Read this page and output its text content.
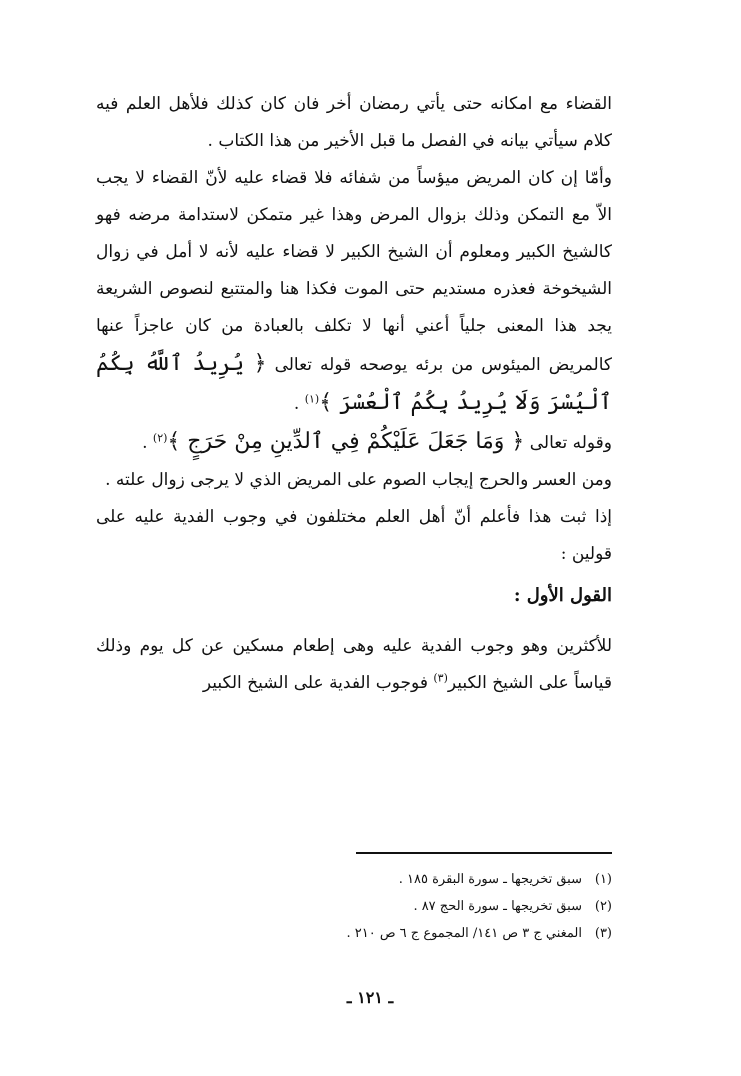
القضاء مع امكانه حتى يأتي رمضان أخر فان كان كذلك فلأهل العلم فيه كلام سيأتي بيانه في الفصل ما قبل الأخير من هذا الكتاب .

وأمّا إن كان المريض ميؤساً من شفائه فلا قضاء عليه لأنّ القضاء لا يجب الاّ مع التمكن وذلك بزوال المرض وهذا غير متمكن لاستدامة مرضه فهو كالشيخ الكبير ومعلوم أن الشيخ الكبير لا قضاء عليه لأنه لا أمل في زوال الشيخوخة فعذره مستديم حتى الموت فكذا هنا والمتتبع لنصوص الشريعة يجد هذا المعنى جلياً أعني أنها لا تكلف بالعبادة من كان عاجزاً عنها كالمريض الميئوس من برئه يوصحه قوله تعالى ﴿ يُرِيدُ ٱللَّهُ بِكُمُ ٱلْيُسْرَ وَلَا يُرِيدُ بِكُمُ ٱلْعُسْرَ ﴾$^{(١)}$ .

وقوله تعالى ﴿ وَمَا جَعَلَ عَلَيْكُمْ فِي ٱلدِّينِ مِنْ حَرَجٍ ﴾$^{(٢)}$ .

ومن العسر والحرج إيجاب الصوم على المريض الذي لا يرجى زوال علته .

إذا ثبت هذا فأعلم أنّ أهل العلم مختلفون في وجوب الفدية عليه على قولين :

القول الأول :

للأكثرين وهو وجوب الفدية عليه وهى إطعام مسكين عن كل يوم وذلك قياساً على الشيخ الكبير$^{(٣)}$ فوجوب الفدية على الشيخ الكبير

(١)سبق تخريجها ـ سورة البقرة ١٨٥ .
(٢)سبق تخريجها ـ سورة الحج ٨٧ .
(٣)المغني ج ٣ ص ١٤١/ المجموع ج ٦ ص ٢١٠ .
ـ ١٢١ ـ
